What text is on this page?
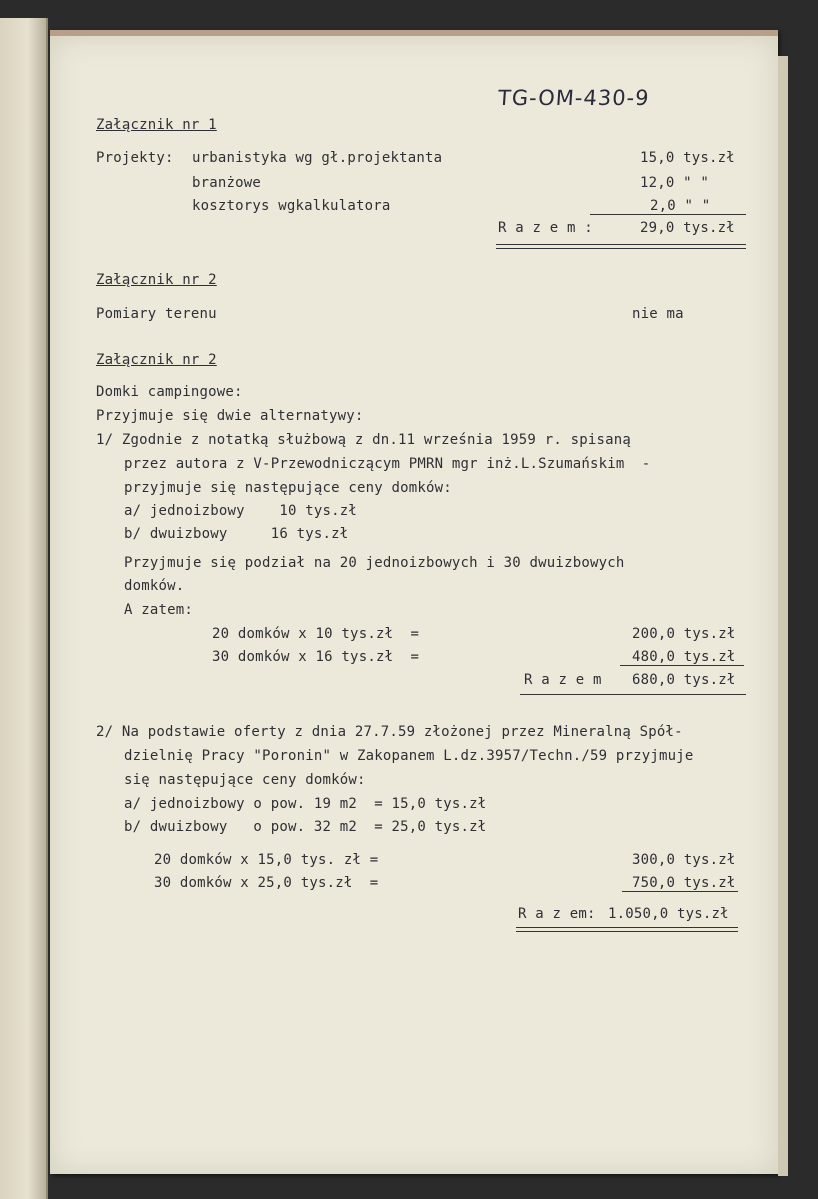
TG-OM-430-9
Załącznik nr 1
Projekty: urbanistyka wg gł.projektanta	15,0 tys.zł
branżowe	12,0 " "
kosztorys wgkalkulatora	2,0 " "
R a z e m :	29,0 tys.zł
Załącznik nr 2
Pomiary terenu	nie ma
Załącznik nr 2
Domki campingowe:
Przyjmuje się dwie alternatywy:
1/ Zgodnie z notatką służbową z dn.11 września 1959 r. spisaną
przez autora z V-Przewodniczącym PMRN mgr inż.L.Szumańskim  -
przyjmuje się następujące ceny domków:
a/ jednoizbowy    10 tys.zł
b/ dwuizbowy     16 tys.zł
Przyjmuje się podział na 20 jednoizbowych i 30 dwuizbowych
domków.
A zatem:
20 domków x 10 tys.zł  =	200,0 tys.zł
30 domków x 16 tys.zł  =	480,0 tys.zł
R a z e m 680,0 tys.zł
2/ Na podstawie oferty z dnia 27.7.59 złożonej przez Mineralną Spół-
dzielnię Pracy "Poronin" w Zakopanem L.dz.3957/Techn./59 przyjmuje
się następujące ceny domków:
a/ jednoizbowy o pow. 19 m2  = 15,0 tys.zł
b/ dwuizbowy   o pow. 32 m2  = 25,0 tys.zł
20 domków x 15,0 tys. zł =	300,0 tys.zł
30 domków x 25,0 tys.zł  =	750,0 tys.zł
R a z em: 1.050,0 tys.zł
